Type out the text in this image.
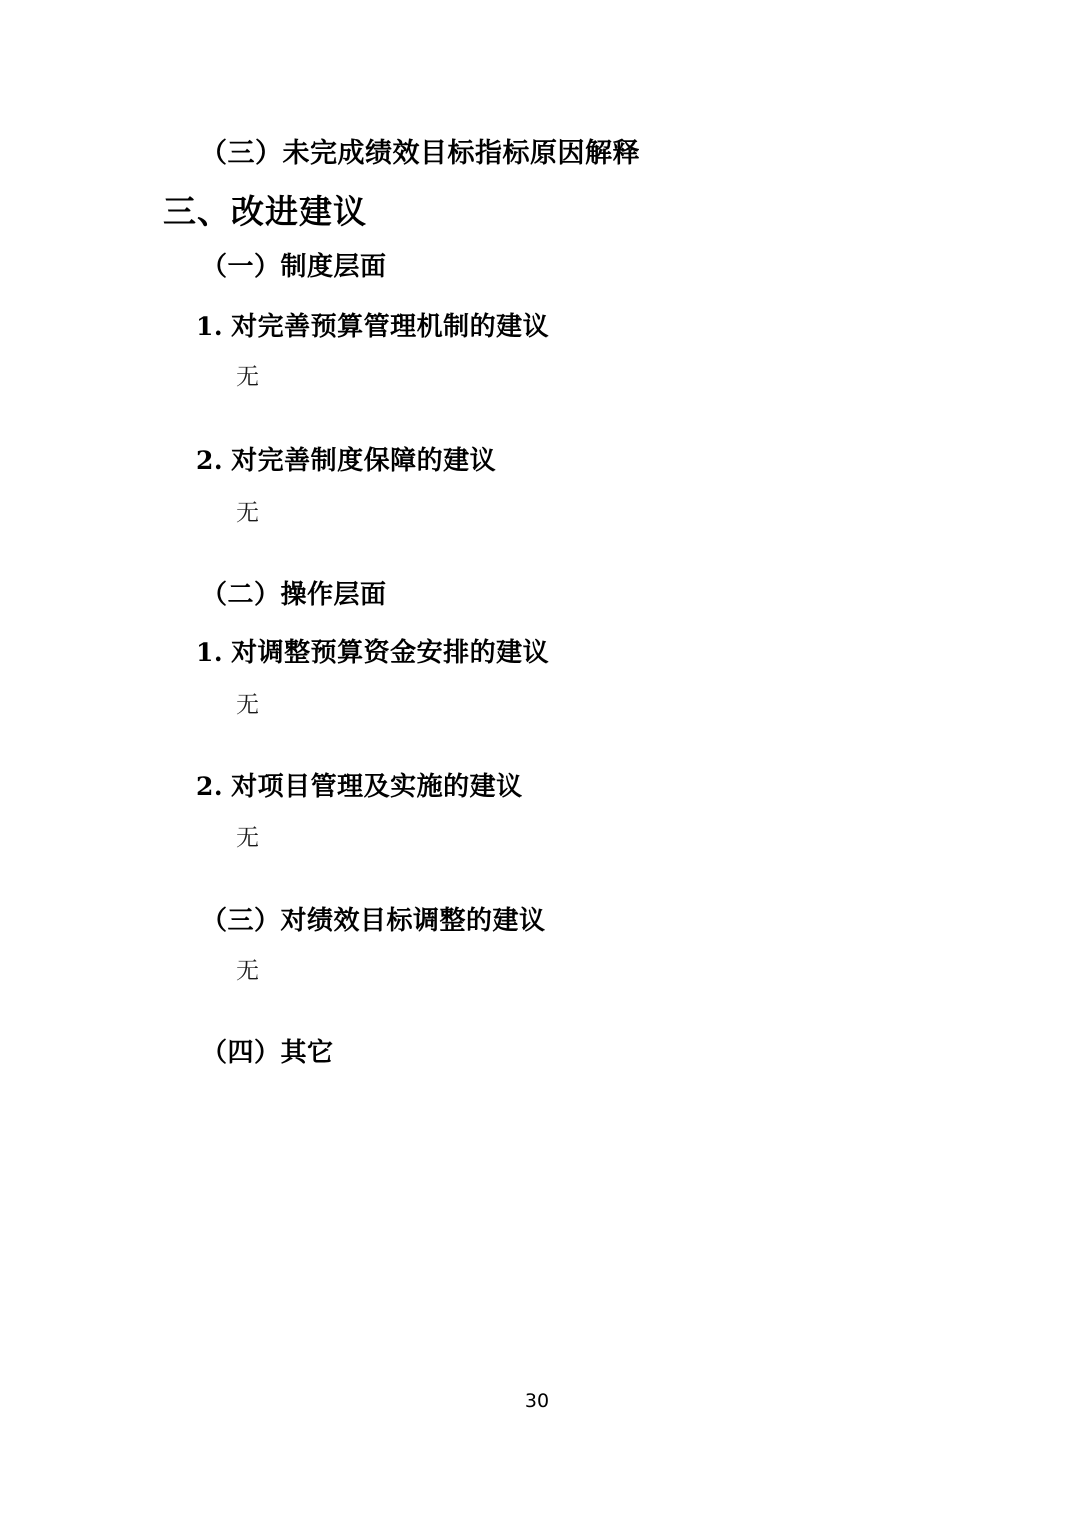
（三）未完成绩效目标指标原因解释
三、改进建议
（一）制度层面
1. 对完善预算管理机制的建议
无
2. 对完善制度保障的建议
无
（二）操作层面
1. 对调整预算资金安排的建议
无
2. 对项目管理及实施的建议
无
（三）对绩效目标调整的建议
无
（四）其它
30
